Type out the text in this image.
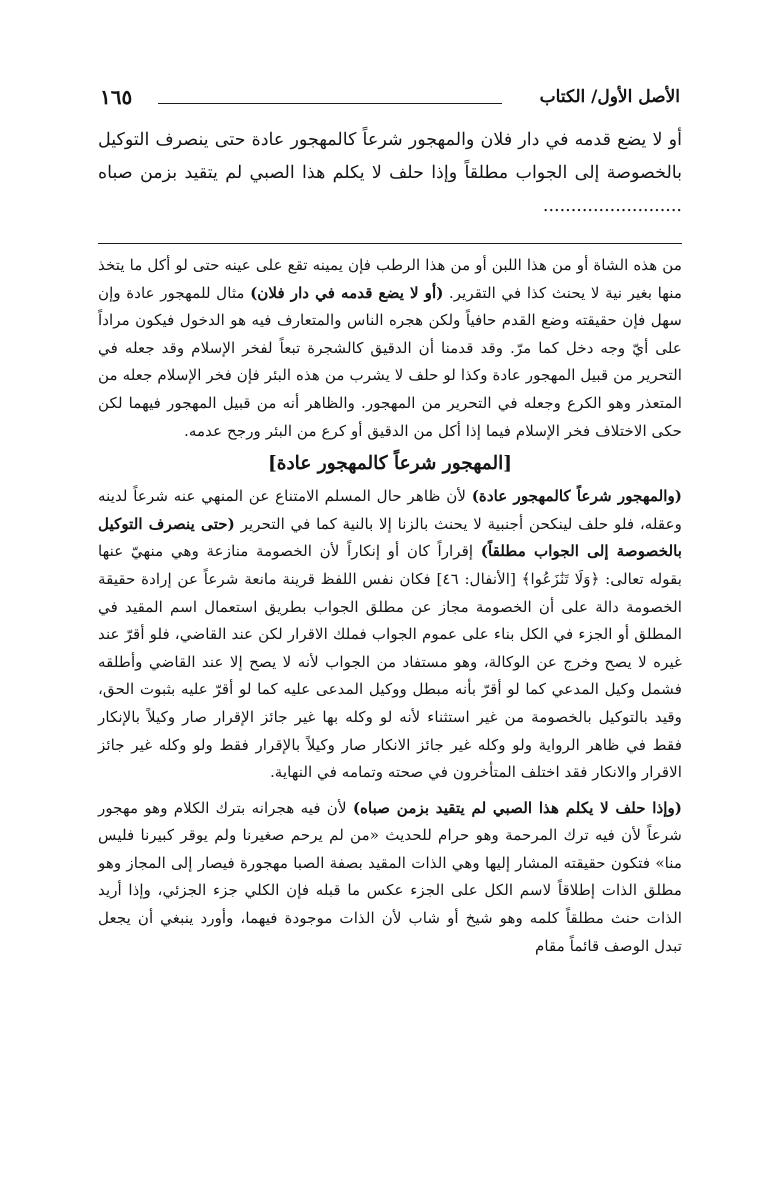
الأصل الأول/ الكتاب
١٦٥

أو لا يضع قدمه في دار فلان والمهجور شرعاً كالمهجور عادة حتى ينصرف التوكيل بالخصوصة إلى الجواب مطلقاً وإذا حلف لا يكلم هذا الصبي لم يتقيد بزمن صباه .........................

من هذه الشاة أو من هذا اللبن أو من هذا الرطب فإن يمينه تقع على عينه حتى لو أكل ما يتخذ منها بغير نية لا يحنث كذا في التقرير. (أو لا يضع قدمه في دار فلان) مثال للمهجور عادة وإن سهل فإن حقيقته وضع القدم حافياً ولكن هجره الناس والمتعارف فيه هو الدخول فيكون مراداً على أيّ وجه دخل كما مرّ. وقد قدمنا أن الدقيق كالشجرة تبعاً لفخر الإسلام وقد جعله في التحرير من قبيل المهجور عادة وكذا لو حلف لا يشرب من هذه البئر فإن فخر الإسلام جعله من المتعذر وهو الكرع وجعله في التحرير من المهجور. والظاهر أنه من قبيل المهجور فيهما لكن حكى الاختلاف فخر الإسلام فيما إذا أكل من الدقيق أو كرع من البئر ورجح عدمه.

[المهجور شرعاً كالمهجور عادة]

(والمهجور شرعاً كالمهجور عادة) لأن ظاهر حال المسلم الامتناع عن المنهي عنه شرعاً لدينه وعقله، فلو حلف لينكحن أجنبية لا يحنث بالزنا إلا بالنية كما في التحرير (حتى ينصرف التوكيل بالخصوصة إلى الجواب مطلقاً) إقراراً كان أو إنكاراً لأن الخصومة منازعة وهي منهيّ عنها بقوله تعالى: ﴿وَلَا تَنَٰزَعُوا﴾ [الأنفال: ٤٦] فكان نفس اللفظ قرينة مانعة شرعاً عن إرادة حقيقة الخصومة دالة على أن الخصومة مجاز عن مطلق الجواب بطريق استعمال اسم المقيد في المطلق أو الجزء في الكل بناء على عموم الجواب فملك الاقرار لكن عند القاضي، فلو أقرّ عند غيره لا يصح وخرج عن الوكالة، وهو مستفاد من الجواب لأنه لا يصح إلا عند القاضي وأطلقه فشمل وكيل المدعي كما لو أقرّ بأنه مبطل ووكيل المدعى عليه كما لو أقرّ عليه بثبوت الحق، وقيد بالتوكيل بالخصومة من غير استثناء لأنه لو وكله بها غير جائز الإقرار صار وكيلاً بالإنكار فقط في ظاهر الرواية ولو وكله غير جائز الانكار صار وكيلاً بالإقرار فقط ولو وكله غير جائز الاقرار والانكار فقد اختلف المتأخرون في صحته وتمامه في النهاية.

(وإذا حلف لا يكلم هذا الصبي لم يتقيد بزمن صباه) لأن فيه هجرانه بترك الكلام وهو مهجور شرعاً لأن فيه ترك المرحمة وهو حرام للحديث «من لم يرحم صغيرنا ولم يوقر كبيرنا فليس منا» فتكون حقيقته المشار إليها وهي الذات المقيد بصفة الصبا مهجورة فيصار إلى المجاز وهو مطلق الذات إطلاقاً لاسم الكل على الجزء عكس ما قبله فإن الكلي جزء الجزئي، وإذا أريد الذات حنث مطلقاً كلمه وهو شيخ أو شاب لأن الذات موجودة فيهما، وأورد ينبغي أن يجعل تبدل الوصف قائماً مقام
